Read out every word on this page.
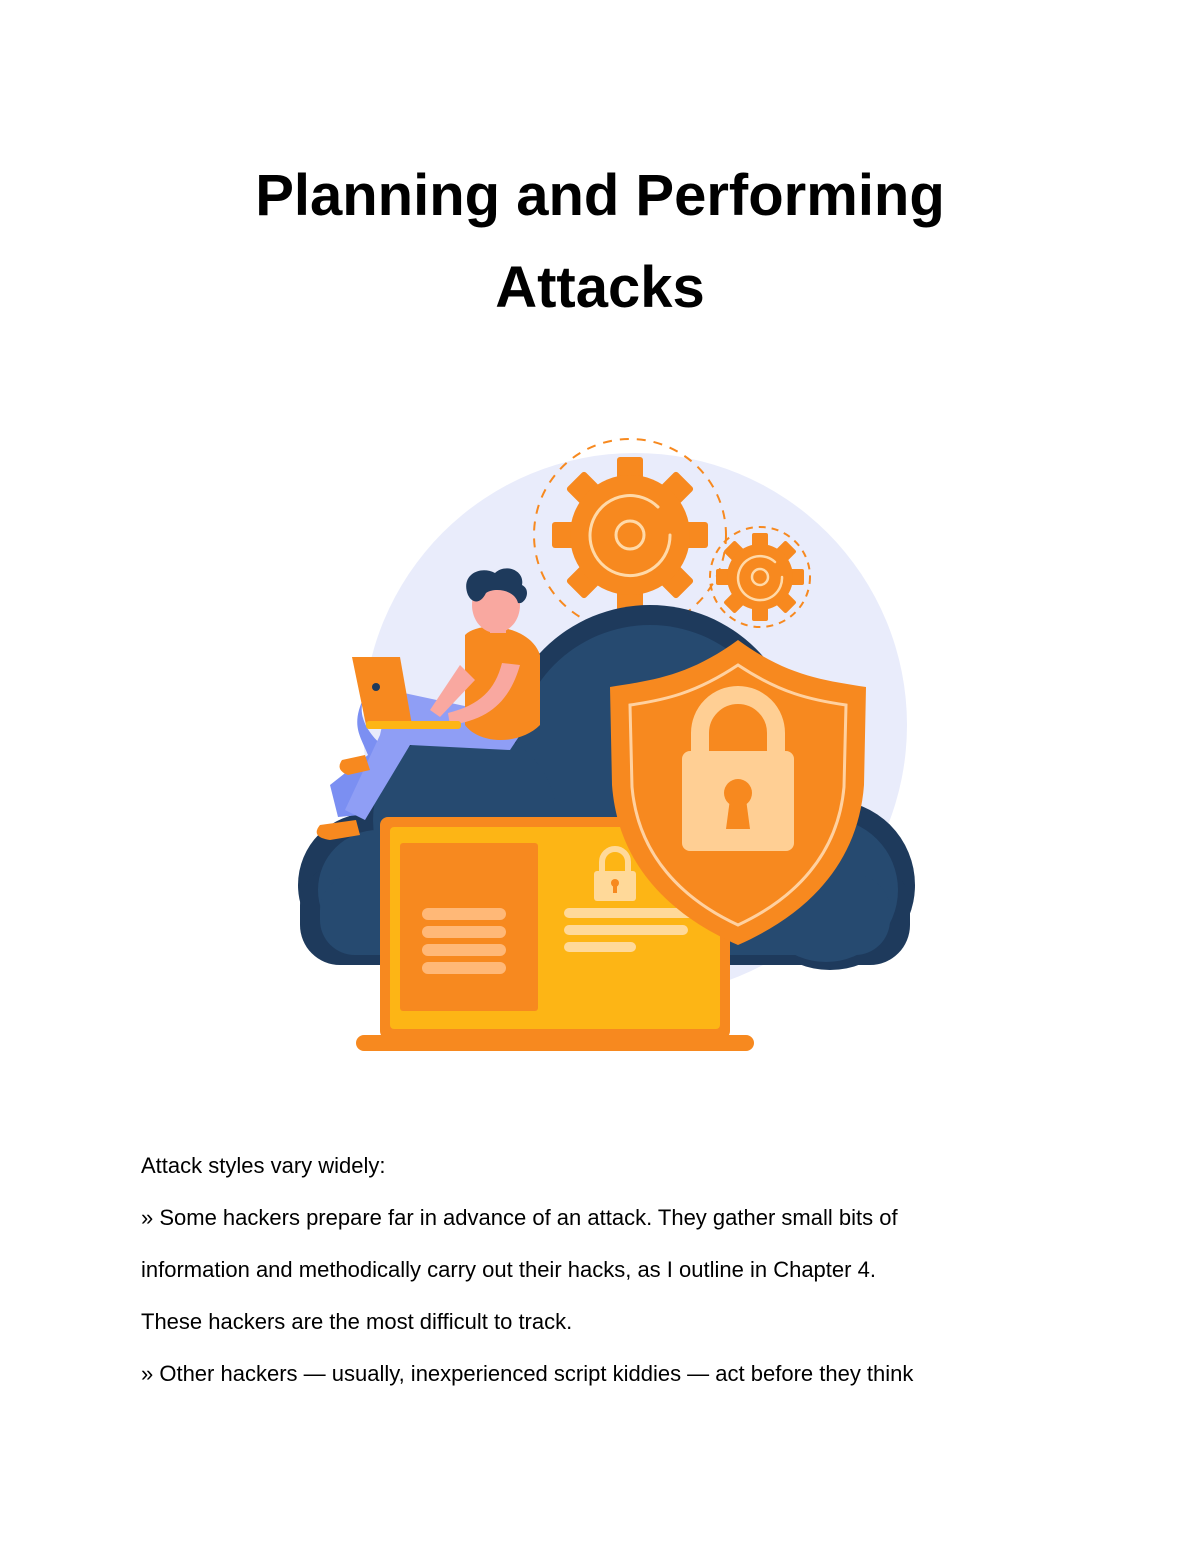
Planning and Performing
Attacks

Attack styles vary widely:

» Some hackers prepare far in advance of an attack. They gather small bits of

information and methodically carry out their hacks, as I outline in Chapter 4.

These hackers are the most difficult to track.

» Other hackers — usually, inexperienced script kiddies — act before they think
